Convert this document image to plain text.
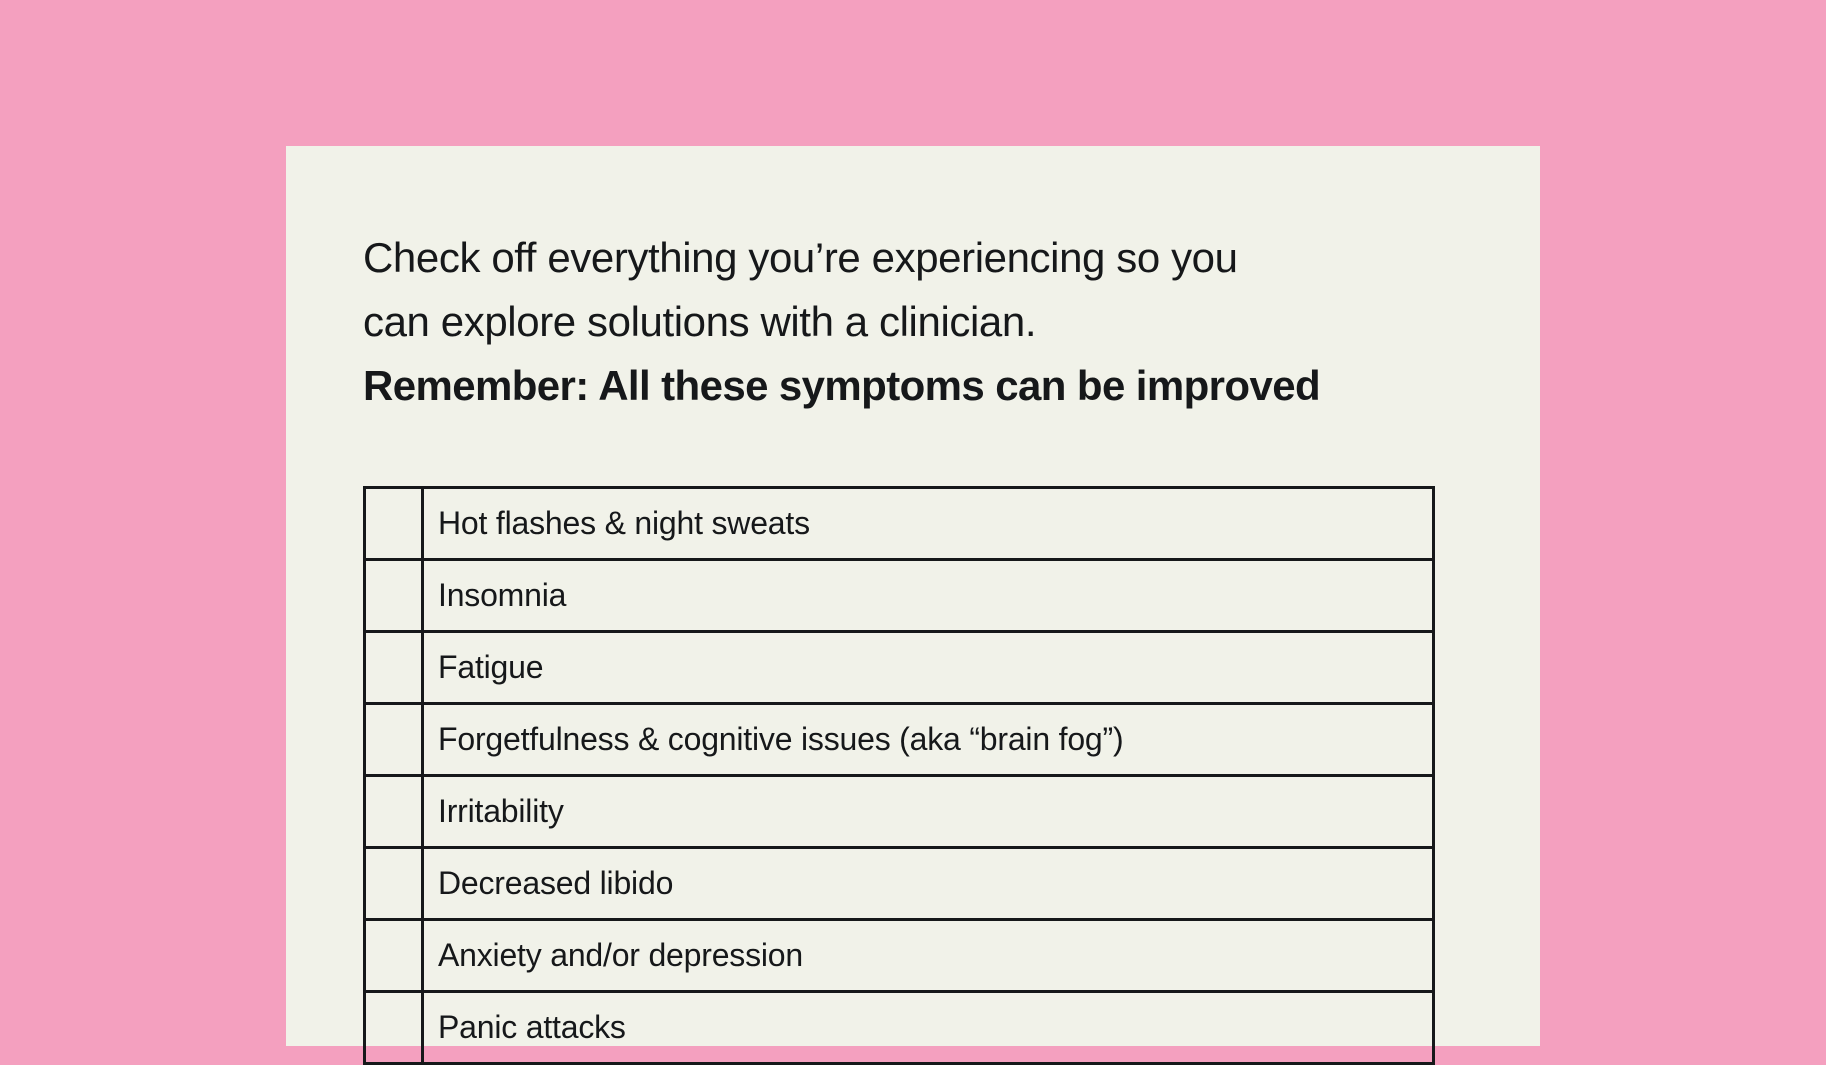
Check off everything you’re experiencing so you
can explore solutions with a clinician.
Remember: All these symptoms can be improved
Hot flashes & night sweats
Insomnia
Fatigue
Forgetfulness & cognitive issues (aka “brain fog”)
Irritability
Decreased libido
Anxiety and/or depression
Panic attacks
